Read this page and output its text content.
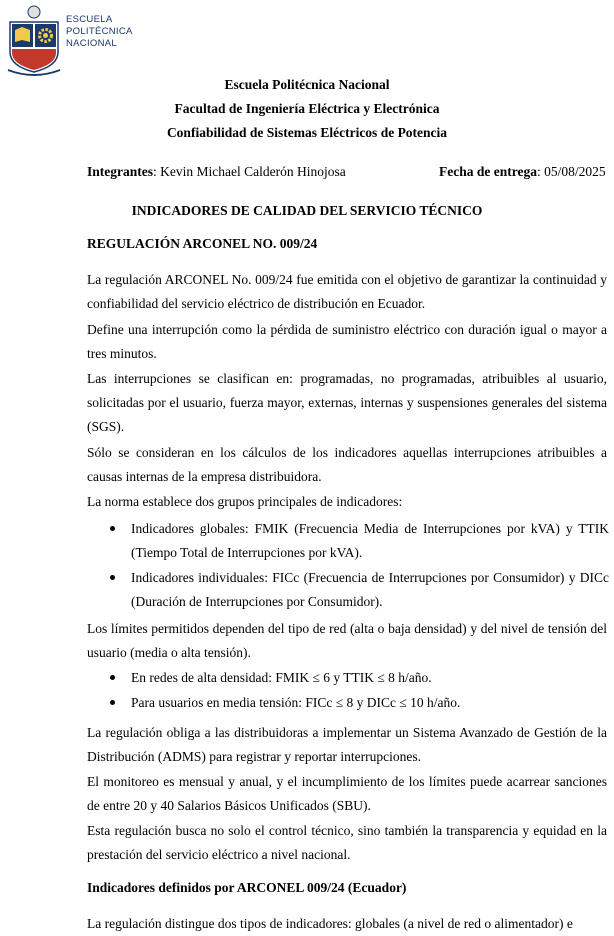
ESCUELA
POLITÉCNICA
NACIONAL
Escuela Politécnica Nacional
Facultad de Ingeniería Eléctrica y Electrónica
Confiabilidad de Sistemas Eléctricos de Potencia
Integrantes: Kevin Michael Calderón Hinojosa	Fecha de entrega: 05/08/2025
INDICADORES DE CALIDAD DEL SERVICIO TÉCNICO
REGULACIÓN ARCONEL NO. 009/24
La regulación ARCONEL No. 009/24 fue emitida con el objetivo de garantizar la continuidad y confiabilidad del servicio eléctrico de distribución en Ecuador.
Define una interrupción como la pérdida de suministro eléctrico con duración igual o mayor a tres minutos.
Las interrupciones se clasifican en: programadas, no programadas, atribuibles al usuario, solicitadas por el usuario, fuerza mayor, externas, internas y suspensiones generales del sistema (SGS).
Sólo se consideran en los cálculos de los indicadores aquellas interrupciones atribuibles a causas internas de la empresa distribuidora.
La norma establece dos grupos principales de indicadores:
Indicadores globales: FMIK (Frecuencia Media de Interrupciones por kVA) y TTIK (Tiempo Total de Interrupciones por kVA).
Indicadores individuales: FICc (Frecuencia de Interrupciones por Consumidor) y DICc (Duración de Interrupciones por Consumidor).
Los límites permitidos dependen del tipo de red (alta o baja densidad) y del nivel de tensión del usuario (media o alta tensión).
En redes de alta densidad: FMIK ≤ 6 y TTIK ≤ 8 h/año.
Para usuarios en media tensión: FICc ≤ 8 y DICc ≤ 10 h/año.
La regulación obliga a las distribuidoras a implementar un Sistema Avanzado de Gestión de la Distribución (ADMS) para registrar y reportar interrupciones.
El monitoreo es mensual y anual, y el incumplimiento de los límites puede acarrear sanciones de entre 20 y 40 Salarios Básicos Unificados (SBU).
Esta regulación busca no solo el control técnico, sino también la transparencia y equidad en la prestación del servicio eléctrico a nivel nacional.
Indicadores definidos por ARCONEL 009/24 (Ecuador)
La regulación distingue dos tipos de indicadores: globales (a nivel de red o alimentador) e
